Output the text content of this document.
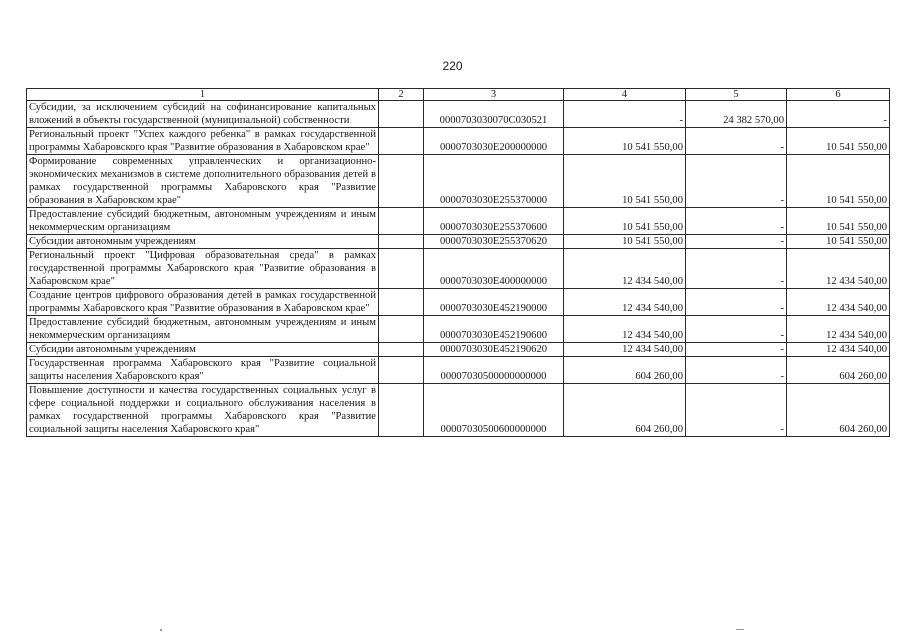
220
1	2	3	4	5	6
Субсидии, за исключением субсидий на софинансирование капитальных вложений в объекты государственной (муниципальной) собственности		0000703030070C030521	-	24 382 570,00	-
Региональный проект "Успех каждого ребенка" в рамках государственной программы Хабаровского края "Развитие образования в Хабаровском крае"		0000703030E200000000	10 541 550,00	-	10 541 550,00
Формирование современных управленческих и организационно-экономических механизмов в системе дополнительного образования детей в рамках государственной программы Хабаровского края "Развитие образования в Хабаровском крае"		0000703030E255370000	10 541 550,00	-	10 541 550,00
Предоставление субсидий бюджетным, автономным учреждениям и иным некоммерческим организациям		0000703030E255370600	10 541 550,00	-	10 541 550,00
Субсидии автономным учреждениям		0000703030E255370620	10 541 550,00	-	10 541 550,00
Региональный проект "Цифровая образовательная среда" в рамках государственной программы Хабаровского края "Развитие образования в Хабаровском крае"		0000703030E400000000	12 434 540,00	-	12 434 540,00
Создание центров цифрового образования детей в рамках государственной программы Хабаровского края "Развитие образования в Хабаровском крае"		0000703030E452190000	12 434 540,00	-	12 434 540,00
Предоставление субсидий бюджетным, автономным учреждениям и иным некоммерческим организациям		0000703030E452190600	12 434 540,00	-	12 434 540,00
Субсидии автономным учреждениям		0000703030E452190620	12 434 540,00	-	12 434 540,00
Государственная программа Хабаровского края "Развитие социальной защиты населения Хабаровского края"		00007030500000000000	604 260,00	-	604 260,00
Повышение доступности и качества государственных социальных услуг в сфере социальной поддержки и социального обслуживания населения в рамках государственной программы Хабаровского края "Развитие социальной защиты населения Хабаровского края"		00007030500600000000	604 260,00	-	604 260,00
